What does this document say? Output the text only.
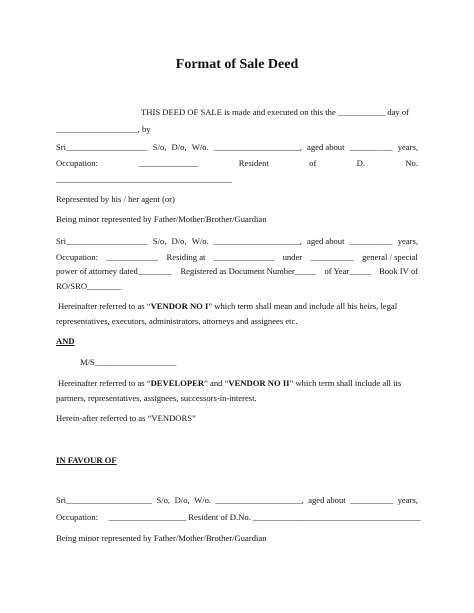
Format of Sale Deed
THIS DEED OF SALE is made and executed on this the ___________ day of
___________________, by
Sri___________________ S/o, D/o, W/o. ____________________, aged about __________ years,
Occupation:	______________	Resident	of	D.	No.
_________________________________________
Represented by his / her agent (or)
Being minor represented by Father/Mother/Brother/Guardian
Sri___________________ S/o, D/o, W/o. ____________________, aged about __________ years,
Occupation: ____________ Residing at ______________ under __________ general / special
power of attorney dated________ Registered as Document Number_____ of Year_____ Book IV of
RO/SRO________
Hereinafter referred to as “VENDOR NO I” which term shall mean and include all his heirs, legal
representatives, executors, administrators, attorneys and assignees etc.
AND
M/S___________________
Hereinafter referred to as “DEVELOPER” and “VENDOR NO II” which term shall include all its
partners, representatives, assignees, successors-in-interest.
Herein-after referred to as “VENDORS”
IN FAVOUR OF
Sri____________________ S/o, D/o, W/o. ____________________, aged about __________ years,
Occupation: __________________ Resident of D.No. _______________________________________
Being minor represented by Father/Mother/Brother/Guardian
